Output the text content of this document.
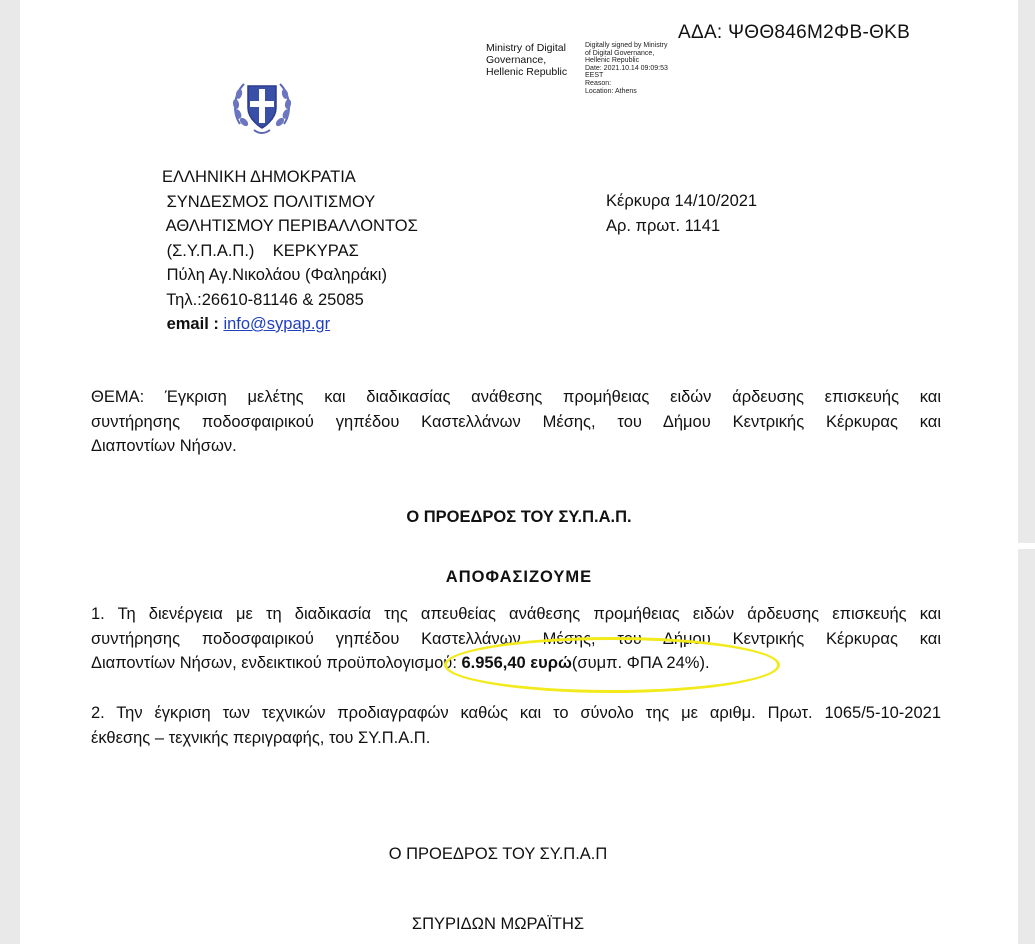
ΑΔΑ: ΨΘΘ846Μ2ΦΒ-ΘΚΒ
Ministry of Digital
Governance,
Hellenic Republic
Digitally signed by Ministry
of Digital Governance,
Hellenic Republic
Date: 2021.10.14 09:09:53
EEST
Reason:
Location: Athens
ΕΛΛΗΝΙΚΗ ΔΗΜΟΚΡΑΤΙΑ
ΣΥΝΔΕΣΜΟΣ ΠΟΛΙΤΙΣΜΟΥ
ΑΘΛΗΤΙΣΜΟΥ ΠΕΡΙΒΑΛΛΟΝΤΟΣ
(Σ.Υ.Π.Α.Π.)    ΚΕΡΚΥΡΑΣ
Πύλη Αγ.Νικολάου (Φαληράκι)
Τηλ.:26610-81146 & 25085
email : info@sypap.gr
Κέρκυρα 14/10/2021
Αρ. πρωτ. 1141
ΘΕΜΑ: Έγκριση μελέτης και διαδικασίας ανάθεσης προμήθειας ειδών άρδευσης επισκευής και
συντήρησης ποδοσφαιρικού γηπέδου Καστελλάνων Μέσης, του Δήμου Κεντρικής Κέρκυρας και
Διαποντίων Νήσων.
Ο ΠΡΟΕΔΡΟΣ ΤΟΥ ΣΥ.Π.Α.Π.
ΑΠΟΦΑΣΙΖΟΥΜΕ
1. Τη διενέργεια με τη διαδικασία της απευθείας ανάθεσης προμήθειας ειδών άρδευσης επισκευής και
συντήρησης ποδοσφαιρικού γηπέδου Καστελλάνων Μέσης, του Δήμου Κεντρικής Κέρκυρας και
Διαποντίων Νήσων, ενδεικτικού προϋπολογισμού: 6.956,40 ευρώ(συμπ. ΦΠΑ 24%).
2. Την έγκριση των τεχνικών προδιαγραφών καθώς και το σύνολο της με αριθμ. Πρωτ. 1065/5-10-2021
έκθεσης – τεχνικής περιγραφής, του ΣΥ.Π.Α.Π.
Ο ΠΡΟΕΔΡΟΣ ΤΟΥ ΣΥ.Π.Α.Π
ΣΠΥΡΙΔΩΝ ΜΩΡΑΪΤΗΣ
